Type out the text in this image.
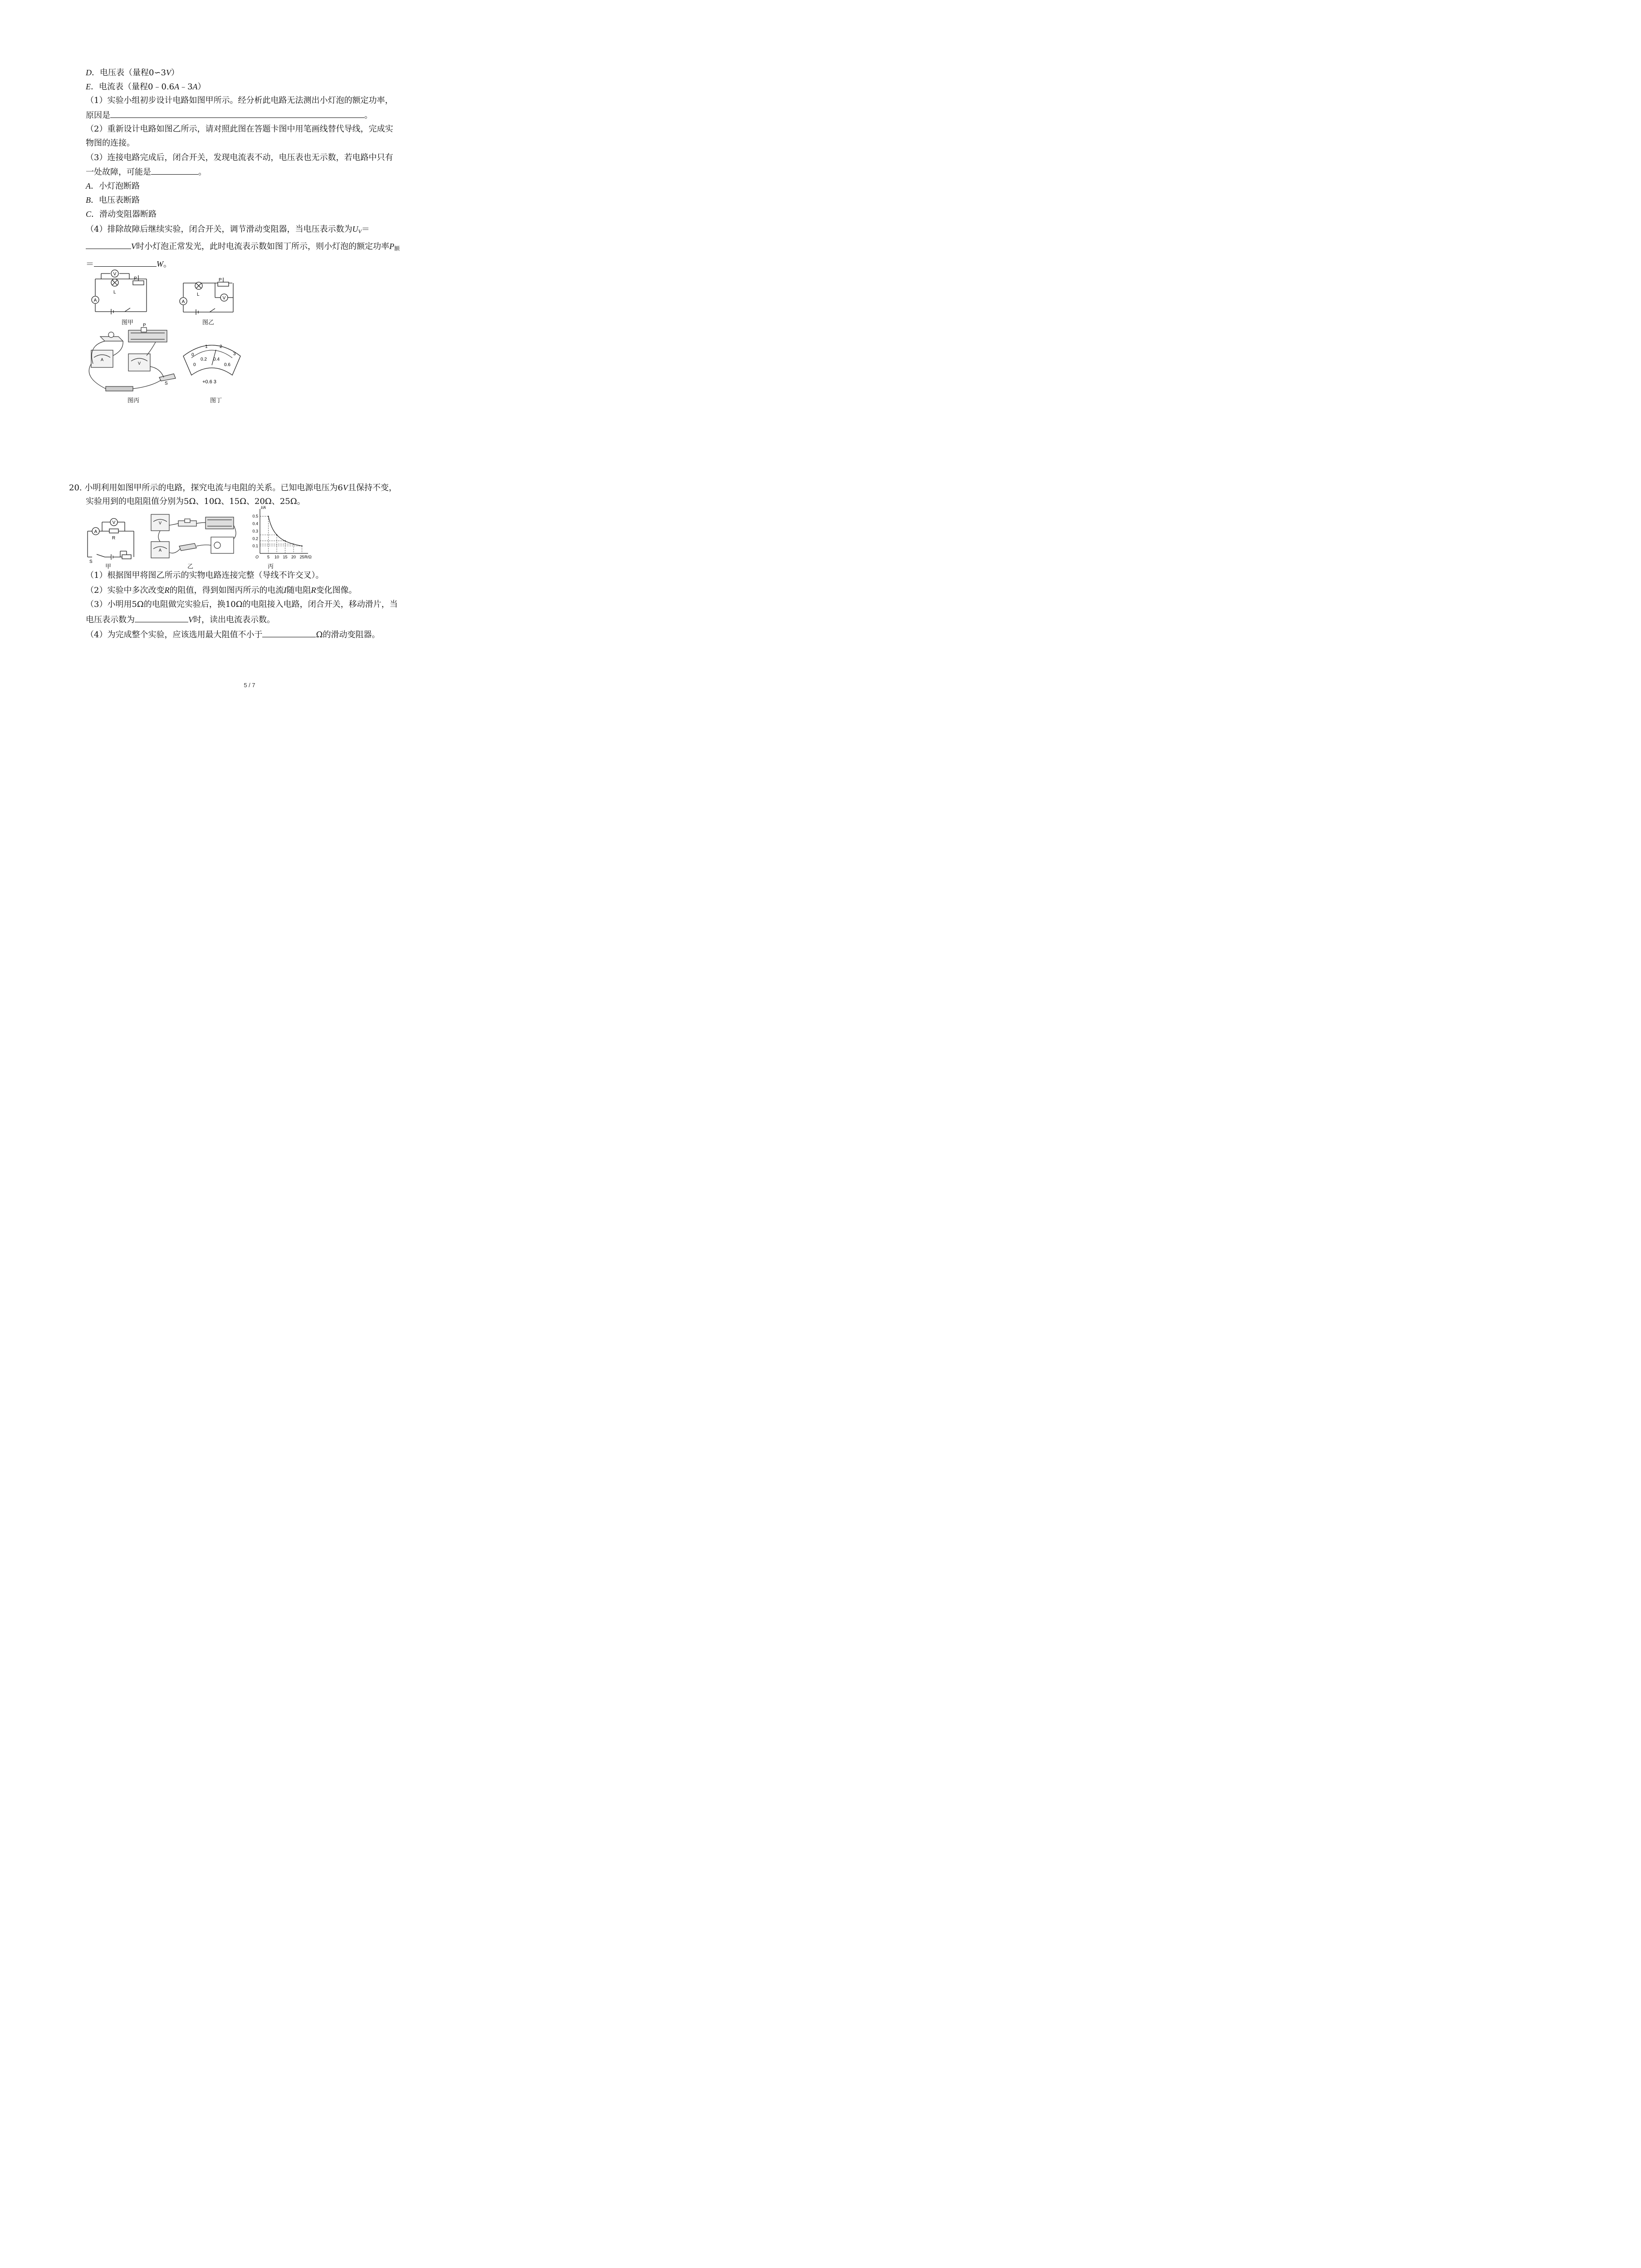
D．电压表（量程0∽3V）
E．电流表（量程0﹣0.6A﹣3A）
（1）实验小组初步设计电路如图甲所示。经分析此电路无法测出小灯泡的额定功率，
原因是	。
（2）重新设计电路如图乙所示，请对照此图在答题卡图中用笔画线替代导线，完成实
物图的连接。
（3）连接电路完成后，闭合开关，发现电流表不动，电压表也无示数，若电路中只有
一处故障，可能是	。
A．小灯泡断路
B．电压表断路
C．滑动变阻器断路
（4）排除故障后继续实验，闭合开关，调节滑动变阻器，当电压表示数为$U_V=$
V时小灯泡正常发光，此时电流表示数如图丁所示，则小灯泡的额定功率$P_额$
＝	W。
V
A
L
P
图甲
V
A
L
P
图乙
P
S
A
V
图丙
0
1	2
3
0
0.2 0.4
0.6
+0.6 3
图丁
20. 小明利用如图甲所示的电路，探究电流与电阻的关系。已知电源电压为6V且保持不变，
实验用到的电阻阻值分别为5Ω、10Ω、15Ω、20Ω、25Ω。
V
A
R
S
甲
V
A
乙
0.1
0.2
0.3
0.4
0.5
5 10 15 20 25
I/A
R/Ω
O
丙
（1）根据图甲将图乙所示的实物电路连接完整（导线不许交叉）。
（2）实验中多次改变R的阻值，得到如图丙所示的电流I随电阻R变化图像。
（3）小明用5Ω的电阻做完实验后，换10Ω的电阻接入电路，闭合开关，移动滑片，当
电压表示数为	V时，读出电流表示数。
（4）为完成整个实验，应该选用最大阻值不小于	Ω的滑动变阻器。
5 / 7
